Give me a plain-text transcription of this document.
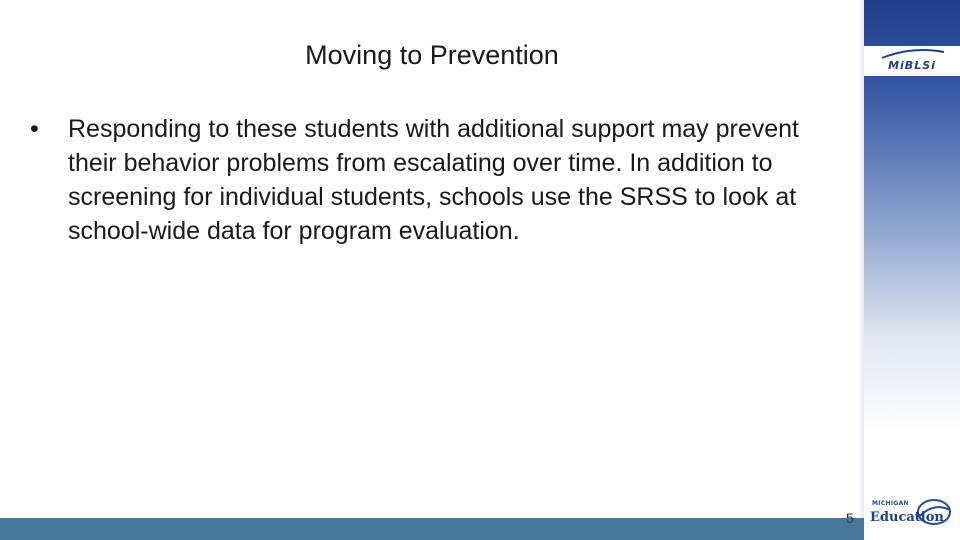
MiBLSi
Moving to Prevention
•	Responding to these students with additional support may prevent their behavior problems from escalating over time. In addition to screening for individual students, schools use the SRSS to look at school-wide data for program evaluation.
5
MICHIGAN
Education
